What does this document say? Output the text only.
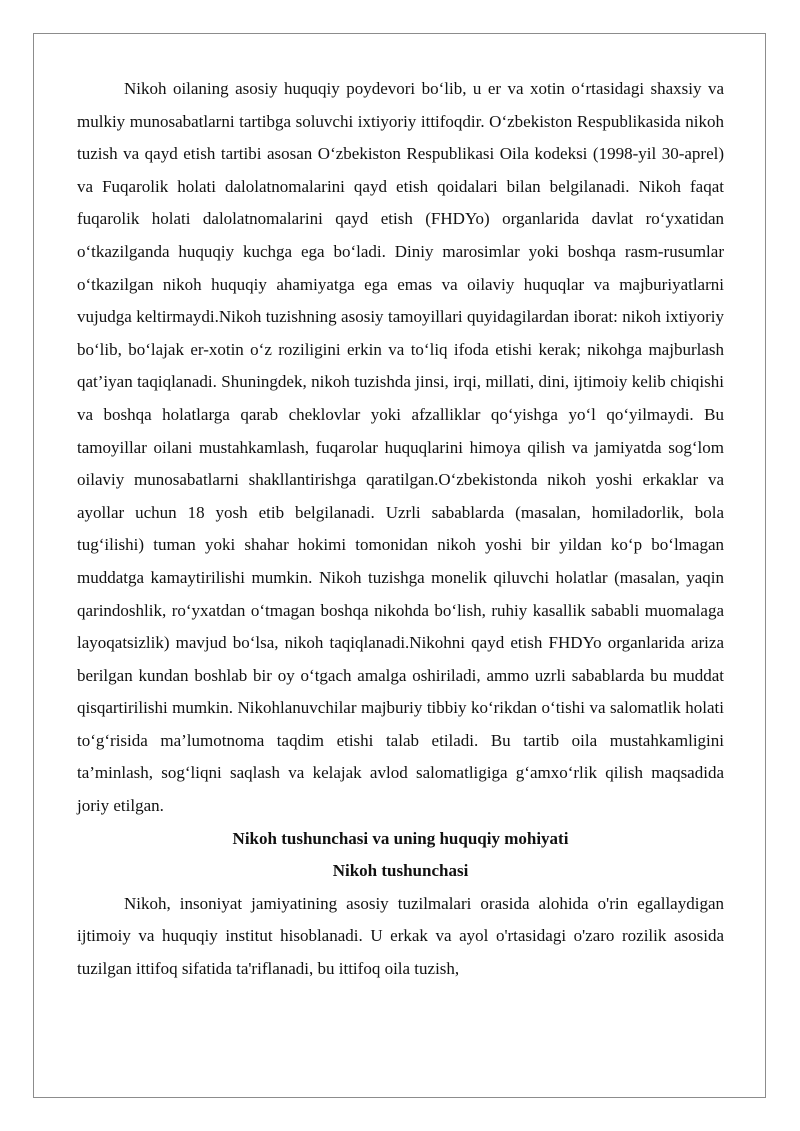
Nikoh oilaning asosiy huquqiy poydevori bo‘lib, u er va xotin o‘rtasidagi shaxsiy va mulkiy munosabatlarni tartibga soluvchi ixtiyoriy ittifoqdir. O‘zbekiston Respublikasida nikoh tuzish va qayd etish tartibi asosan O‘zbekiston Respublikasi Oila kodeksi (1998-yil 30-aprel) va Fuqarolik holati dalolatnomalarini qayd etish qoidalari bilan belgilanadi. Nikoh faqat fuqarolik holati dalolatnomalarini qayd etish (FHDYo) organlarida davlat ro‘yxatidan o‘tkazilganda huquqiy kuchga ega bo‘ladi. Diniy marosimlar yoki boshqa rasm-rusumlar o‘tkazilgan nikoh huquqiy ahamiyatga ega emas va oilaviy huquqlar va majburiyatlarni vujudga keltirmaydi.Nikoh tuzishning asosiy tamoyillari quyidagilardan iborat: nikoh ixtiyoriy bo‘lib, bo‘lajak er-xotin o‘z roziligini erkin va to‘liq ifoda etishi kerak; nikohga majburlash qat’iyan taqiqlanadi. Shuningdek, nikoh tuzishda jinsi, irqi, millati, dini, ijtimoiy kelib chiqishi va boshqa holatlarga qarab cheklovlar yoki afzalliklar qo‘yishga yo‘l qo‘yilmaydi. Bu tamoyillar oilani mustahkamlash, fuqarolar huquqlarini himoya qilish va jamiyatda sog‘lom oilaviy munosabatlarni shakllantirishga qaratilgan.O‘zbekistonda nikoh yoshi erkaklar va ayollar uchun 18 yosh etib belgilanadi. Uzrli sabablarda (masalan, homiladorlik, bola tug‘ilishi) tuman yoki shahar hokimi tomonidan nikoh yoshi bir yildan ko‘p bo‘lmagan muddatga kamaytirilishi mumkin. Nikoh tuzishga monelik qiluvchi holatlar (masalan, yaqin qarindoshlik, ro‘yxatdan o‘tmagan boshqa nikohda bo‘lish, ruhiy kasallik sababli muomalaga layoqatsizlik) mavjud bo‘lsa, nikoh taqiqlanadi.Nikohni qayd etish FHDYo organlarida ariza berilgan kundan boshlab bir oy o‘tgach amalga oshiriladi, ammo uzrli sabablarda bu muddat qisqartirilishi mumkin. Nikohlanuvchilar majburiy tibbiy ko‘rikdan o‘tishi va salomatlik holati to‘g‘risida ma’lumotnoma taqdim etishi talab etiladi. Bu tartib oila mustahkamligini ta’minlash, sog‘liqni saqlash va kelajak avlod salomatligiga g‘amxo‘rlik qilish maqsadida joriy etilgan.

Nikoh tushunchasi va uning huquqiy mohiyati

Nikoh tushunchasi

Nikoh, insoniyat jamiyatining asosiy tuzilmalari orasida alohida o'rin egallaydigan ijtimoiy va huquqiy institut hisoblanadi. U erkak va ayol o'rtasidagi o'zaro rozilik asosida tuzilgan ittifoq sifatida ta'riflanadi, bu ittifoq oila tuzish,
